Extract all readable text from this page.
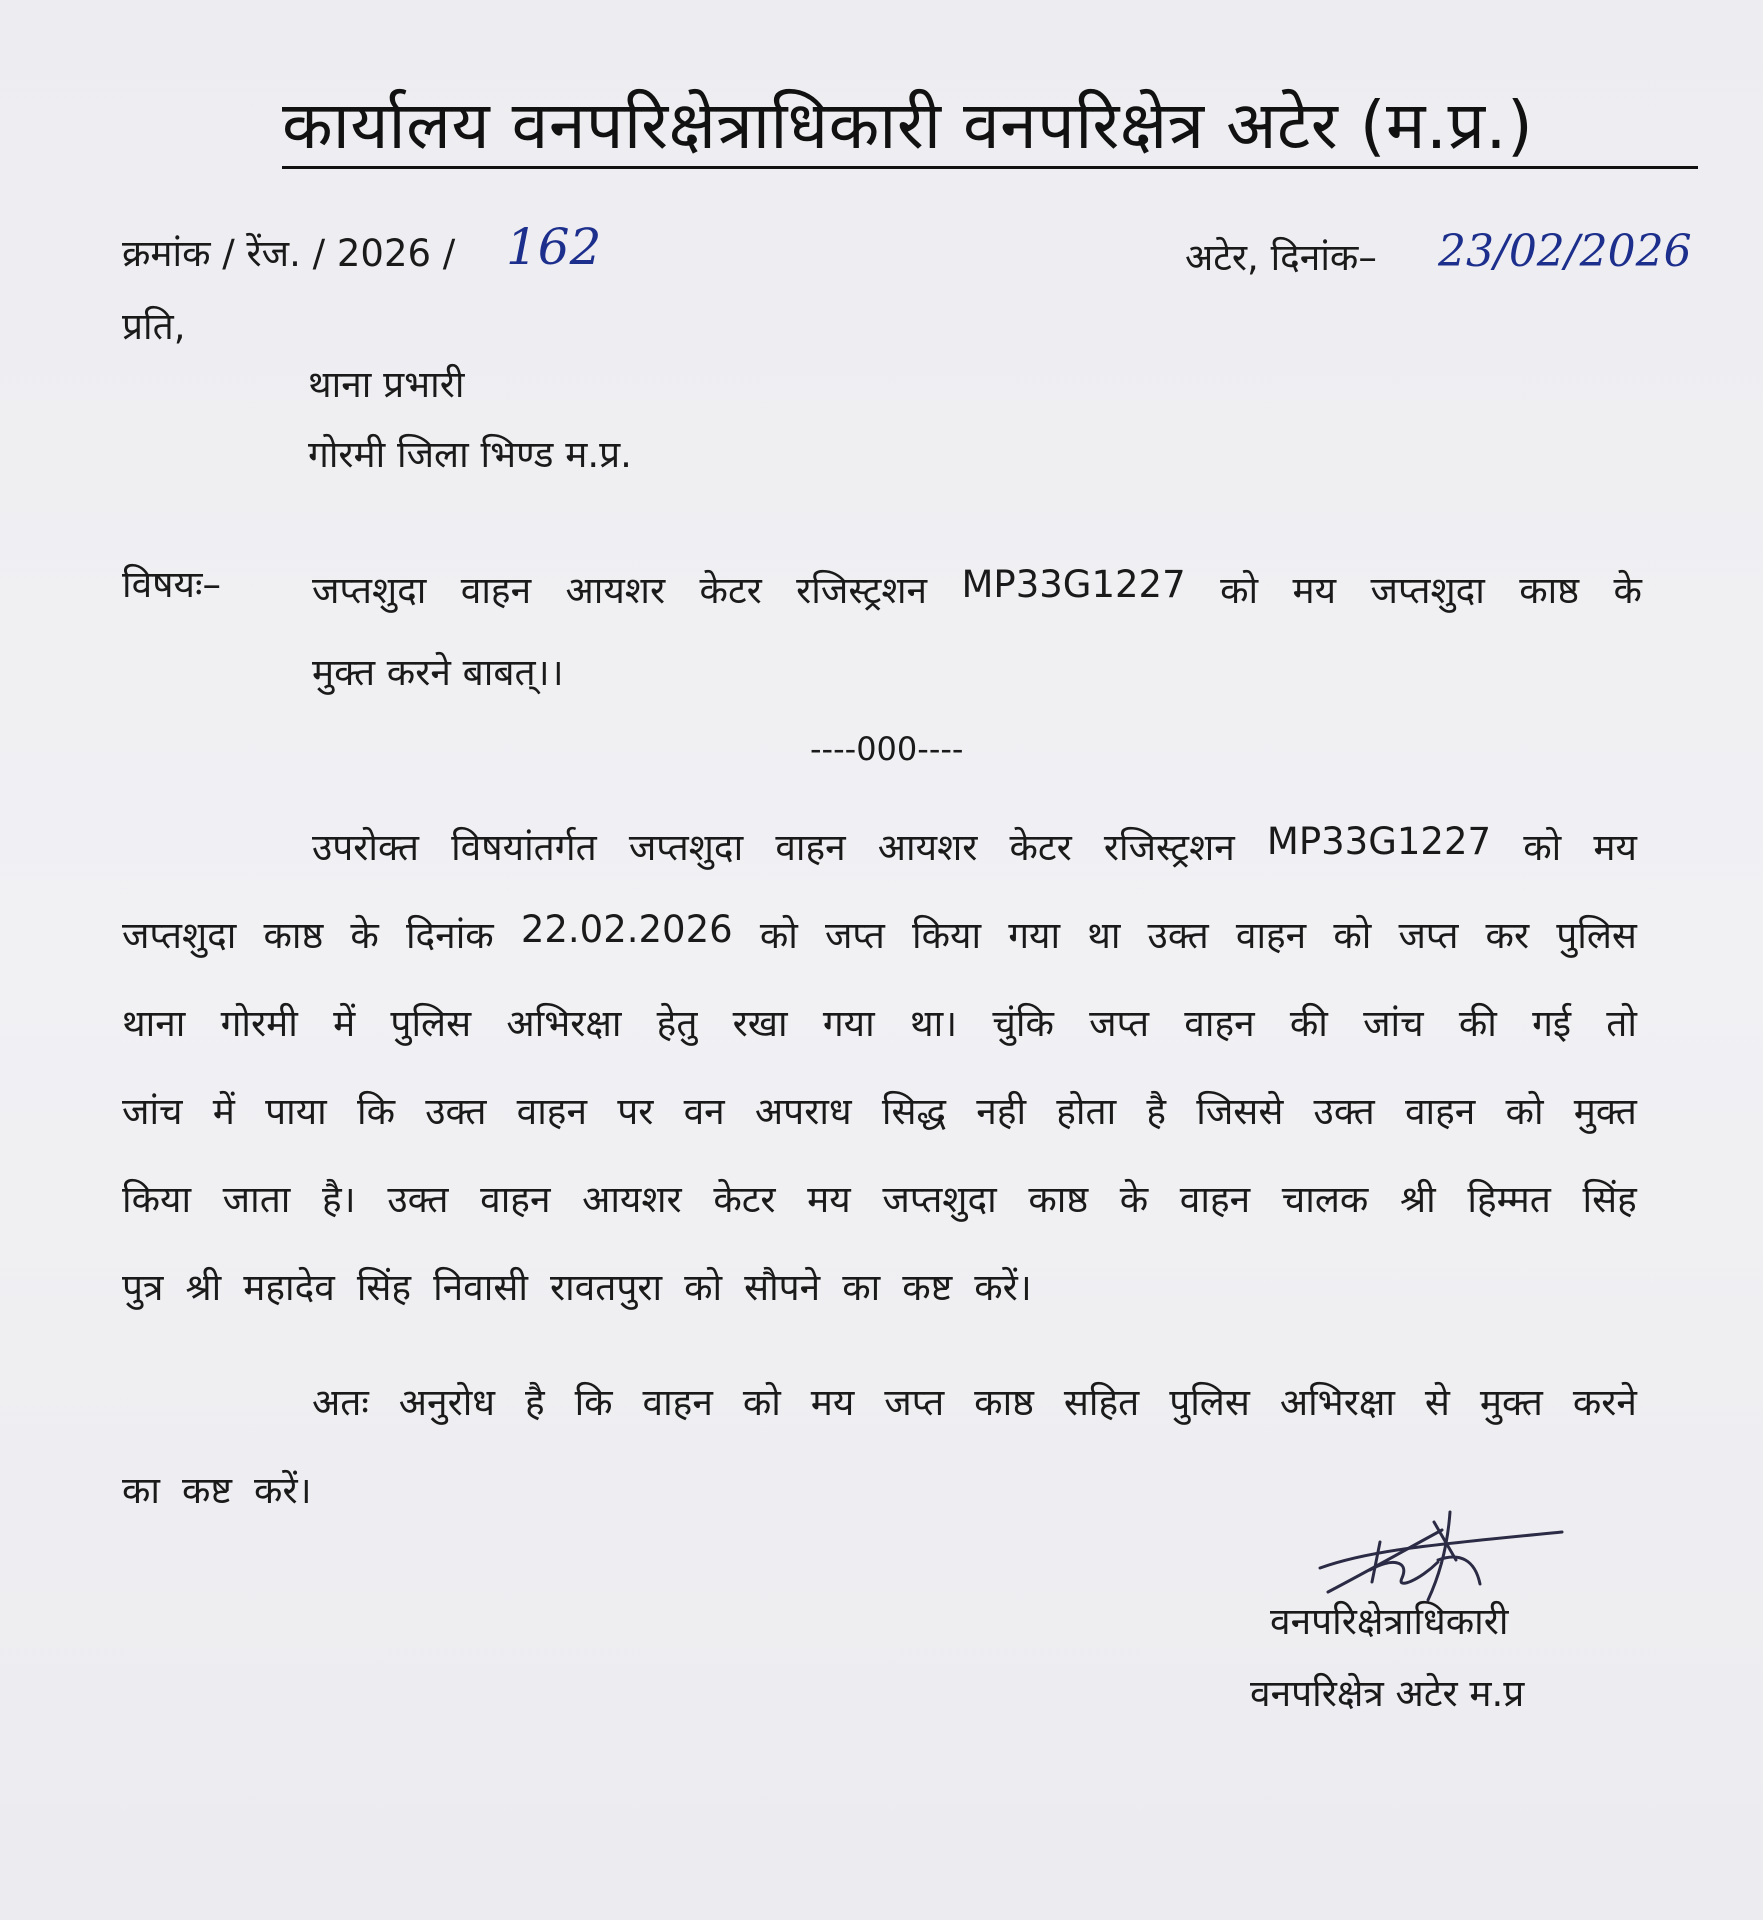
कार्यालय वनपरिक्षेत्राधिकारी वनपरिक्षेत्र अटेर (म.प्र.)
क्रमांक / रेंज. / 2026 / 162	अटेर, दिनांक– 23/02/2026
प्रति,
थाना प्रभारी
गोरमी जिला भिण्ड म.प्र.
विषयः– जप्तशुदा वाहन आयशर केटर रजिस्ट्रशन MP33G1227 को मय जप्तशुदा काष्ठ के
मुक्त करने बाबत्।।
----000----
उपरोक्त विषयांतर्गत जप्तशुदा वाहन आयशर केटर रजिस्ट्रशन MP33G1227 को मय
जप्तशुदा काष्ठ के दिनांक 22.02.2026 को जप्त किया गया था उक्त वाहन को जप्त कर पुलिस
थाना गोरमी में पुलिस अभिरक्षा हेतु रखा गया था। चुंकि जप्त वाहन की जांच की गई तो
जांच में पाया कि उक्त वाहन पर वन अपराध सिद्ध नही होता है जिससे उक्त वाहन को मुक्त
किया जाता है। उक्त वाहन आयशर केटर मय जप्तशुदा काष्ठ के वाहन चालक श्री हिम्मत सिंह
पुत्र श्री महादेव सिंह निवासी रावतपुरा को सौपने का कष्ट करें।
अतः अनुरोध है कि वाहन को मय जप्त काष्ठ सहित पुलिस अभिरक्षा से मुक्त करने
का कष्ट करें।
वनपरिक्षेत्राधिकारी
वनपरिक्षेत्र अटेर म.प्र
